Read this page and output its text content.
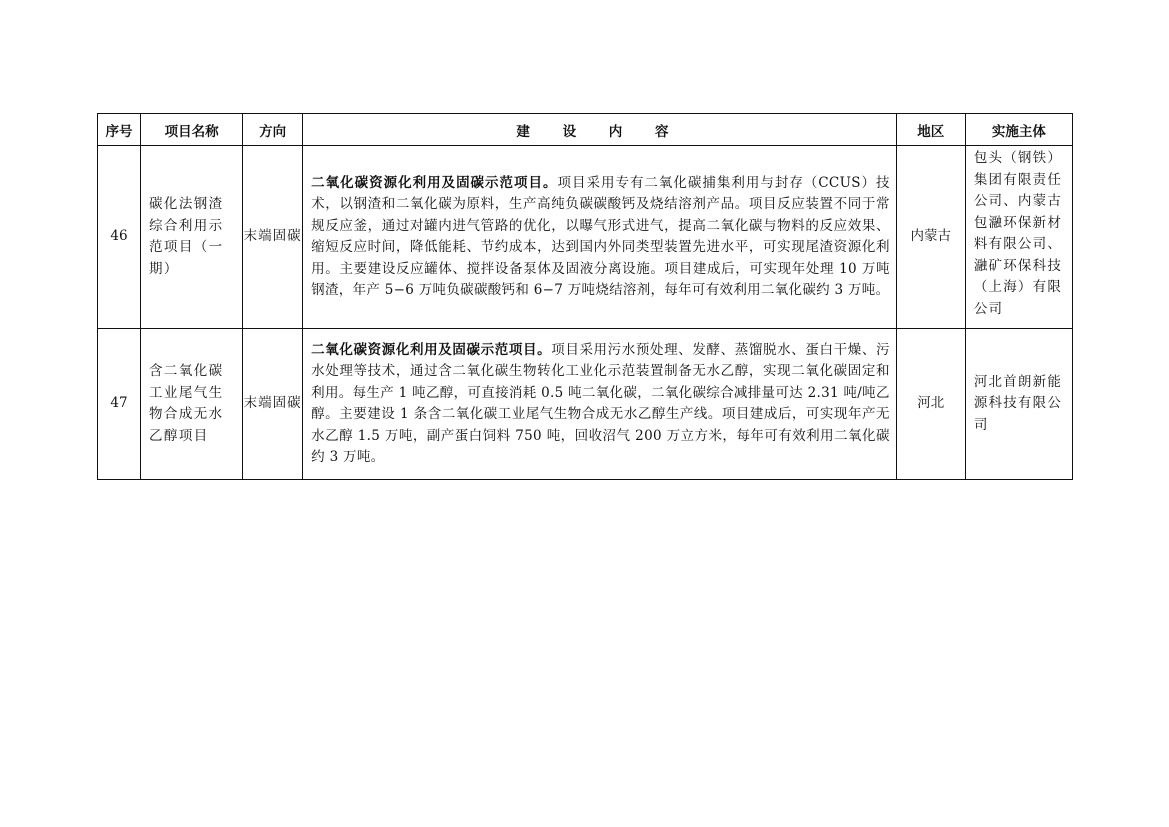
序号	项目名称	方向	建 设 内 容	地区	实施主体
46	碳化法钢渣综合利用示范项目（一期）	末端固碳	二氧化碳资源化利用及固碳示范项目。项目采用专有二氧化碳捕集利用与封存（CCUS）技术，以钢渣和二氧化碳为原料，生产高纯负碳碳酸钙及烧结溶剂产品。项目反应装置不同于常规反应釜，通过对罐内进气管路的优化，以曝气形式进气，提高二氧化碳与物料的反应效果、缩短反应时间，降低能耗、节约成本，达到国内外同类型装置先进水平，可实现尾渣资源化利用。主要建设反应罐体、搅拌设备泵体及固液分离设施。项目建成后，可实现年处理 10 万吨钢渣，年产 5−6 万吨负碳碳酸钙和 6−7 万吨烧结溶剂，每年可有效利用二氧化碳约 3 万吨。	内蒙古	包头（钢铁）集团有限责任公司、内蒙古包瀜环保新材料有限公司、瀜矿环保科技（上海）有限公司
47	含二氧化碳工业尾气生物合成无水乙醇项目	末端固碳	二氧化碳资源化利用及固碳示范项目。项目采用污水预处理、发酵、蒸馏脱水、蛋白干燥、污水处理等技术，通过含二氧化碳生物转化工业化示范装置制备无水乙醇，实现二氧化碳固定和利用。每生产 1 吨乙醇，可直接消耗 0.5 吨二氧化碳，二氧化碳综合减排量可达 2.31 吨/吨乙醇。主要建设 1 条含二氧化碳工业尾气生物合成无水乙醇生产线。项目建成后，可实现年产无水乙醇 1.5 万吨，副产蛋白饲料 750 吨，回收沼气 200 万立方米，每年可有效利用二氧化碳约 3 万吨。	河北	河北首朗新能源科技有限公司
